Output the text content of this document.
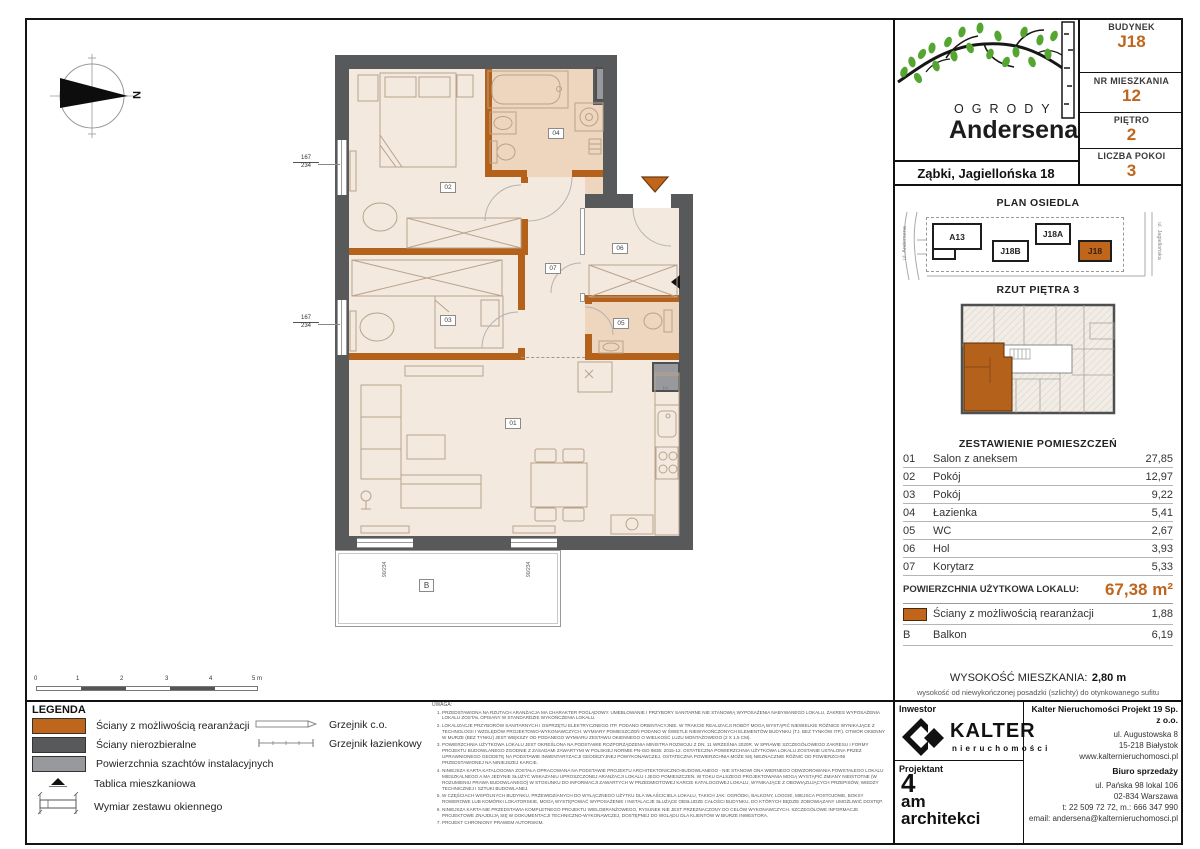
N
01
02
03
04
05
06
07
Z
B
90/234	90/234
167
234
167
234
OGRODY
Andersena
Ząbki, Jagiellońska 18
BUDYNEK
J18
NR MIESZKANIA
12
PIĘTRO
2
LICZBA POKOI
3
PLAN OSIEDLA
A13
J18B
J18A
J18
ul. Andersena	ul. Jagiellońska
RZUT PIĘTRA 3
ZESTAWIENIE POMIESZCZEŃ
01	Salon z aneksem	27,85
02	Pokój	12,97
03	Pokój	9,22
04	Łazienka	5,41
05	WC	2,67
06	Hol	3,93
07	Korytarz	5,33
POWIERZCHNIA UŻYTKOWA LOKALU:	67,38 m²
Ściany z możliwością rearanżacji	1,88
B	Balkon	6,19
WYSOKOŚĆ MIESZKANIA: 2,80 m
wysokość od niewykończonej posadzki (szlichty) do otynkowanego sufitu
Inwestor
KALTER
nieruchomości
Projektant
4
am
architekci
Kalter Nieruchomości Projekt 19 Sp. z o.o.
ul. Augustowska 8
15-218 Białystok
www.kalternieruchomosci.pl
Biuro sprzedaży
ul. Pańska 98 lokal 106
02-834 Warszawa
t: 22 509 72 72, m.: 666 347 990
email: andersena@kalternieruchomosci.pl
0	1	2	3	4	5 m
LEGENDA
Ściany z możliwością rearanżacji
Ściany nierozbieralne
Powierzchnia szachtów instalacyjnych
Tablica mieszkaniowa
Wymiar zestawu okiennego
Grzejnik c.o.
Grzejnik łazienkowy
UWAGA:
1. PRZEDSTAWIONA NA RZUTACH ARANŻACJA MA CHARAKTER POGLĄDOWY. UMEBLOWANIE I PRZYBORY SANITARNE NIE STANOWIĄ WYPOSAŻENIA NABYWANEGO LOKALU. ZAKRES WYPOSAŻENIA LOKALU ZOSTAŁ OPISANY W STANDARDZIE WYKOŃCZENIA LOKALU.
2. LOKALIZACJE PRZYBORÓW SANITARNYCH I OSPRZĘTU ELEKTRYCZNEGO ITP. PODANO ORIENTACYJNIE. W TRAKCIE REALIZACJI ROBÓT MOGĄ WYSTĄPIĆ NIEWIELKIE RÓŻNICE WYNIKAJĄCE Z TECHNOLOGII I WZGLĘDÓW PROJEKTOWO-WYKONAWCZYCH. WYMIARY POMIESZCZEŃ PODANO W ŚWIETLE NIEWYKOŃCZONYCH ELEMENTÓW BUDYNKU (TJ. BEZ TYNKÓW ITP.). OTWÓR OKIENNY W MURZE (BEZ TYNKU) JEST WIĘKSZY OD PODANEGO WYMIARU ZESTAWU OKIENNEGO O WIELKOŚĆ LUZU MONTAŻOWEGO (2 X 1,5 CM).
3. POWIERZCHNIA UŻYTKOWA LOKALU JEST OKREŚLONA NA PODSTAWIE ROZPORZĄDZENIA MINISTRA ROZWOJU Z DN. 11 WRZEŚNIA 2020R. W SPRAWIE SZCZEGÓŁOWEGO ZAKRESU I FORMY PROJEKTU BUDOWLANEGO ZGODNIE Z ZASADAMI ZAWARTYMI W POLSKIEJ NORMIE PN-ISO 9836: 2015-12. OSTATECZNA POWIERZCHNIA UŻYTKOWA LOKALU ZOSTANIE USTALONA PRZEZ UPRAWNIONEGO GEODETĘ NA PODSTAWIE INWENTARYZACJI GEODEZYJNEJ POWYKONAWCZEJ. OSTATECZNA POWIERZCHNIA MOŻE SIĘ NIEZNACZNIE RÓŻNIĆ OD POWIERZCHNI PRZEDSTAWIONEJ NA NINIEJSZEJ KARCIE.
4. NINIEJSZA KARTA KATALOGOWA ZOSTAŁA OPRACOWANA NA PODSTAWIE PROJEKTU ARCHITEKTONICZNO-BUDOWLANEGO - NIE STANOWI ONA WIERNEGO ODWZOROWANIA POWSTAŁEGO LOKALU MIESZKALNEGO A MA JEDYNIE SŁUŻYĆ WSKAZANIU UPROSZCZONEJ ARANŻACJI LOKALU I JEGO POMIESZCZEŃ. W TOKU DALSZEGO PROJEKTOWANIA MOGĄ WYSTĄPIĆ ZMIANY NIEISTOTNE (W ROZUMIENIU PRAWA BUDOWLANEGO) W STOSUNKU DO INFORMACJI ZAWARTYCH W PRZEDMIOTOWEJ KARCIE KATALOGOWEJ LOKALU, WYNIKAJĄCE Z OBOWIĄZUJĄCYCH PRZEPISÓW, WIEDZY TECHNICZNEJ I SZTUKI BUDOWLANEJ.
5. W CZĘŚCIACH WSPÓLNYCH BUDYNKU, PRZEWIDZIANYCH DO WYŁĄCZNEGO UŻYTKU DLA WŁAŚCICIELA LOKALU, TAKICH JAK: OGRÓDKI, BALKONY, LOGGIE, MIEJSCA POSTOJOWE, BOKSY ROWEROWE LUB KOMÓRKI LOKATORSKIE, MOGĄ WYSTĘPOWAĆ WYPOSAŻENIE I INSTALACJE SŁUŻĄCE OBSŁUDZE CAŁOŚCI BUDYNKU, DO KTÓRYCH BĘDZIE ZOBOWIĄZANY UMOŻLIWIĆ DOSTĘP.
6. NINIEJSZA KARTA NIE PRZEDSTAWIA KOMPLETNEGO PROJEKTU WIELOBRANŻOWEGO, RYSUNEK NIE JEST PRZEZNACZONY DO CELÓW WYKONAWCZYCH. SZCZEGÓŁOWE INFORMACJE PROJEKTOWE ZNAJDUJĄ SIĘ W DOKUMENTACJI TECHNICZNO-WYKONAWCZEJ, DOSTĘPNEJ DO WGLĄDU DLA KLIENTÓW W BIURZE INWESTORA.
7. PROJEKT CHRONIONY PRAWEM AUTORSKIM.
